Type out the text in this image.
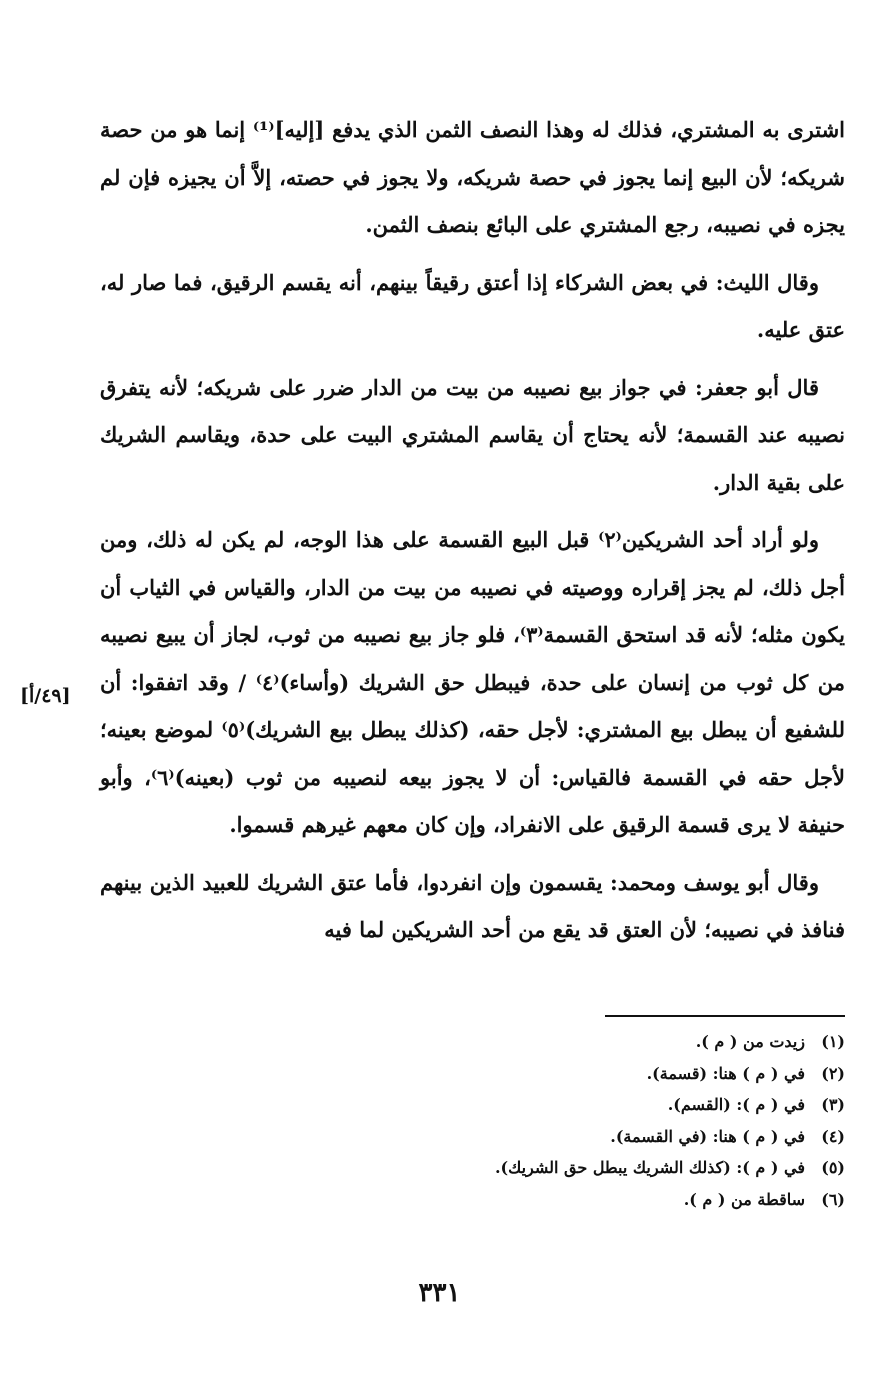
اشترى به المشتري، فذلك له وهذا النصف الثمن الذي يدفع [إليه]⁽¹⁾ إنما هو من حصة شريكه؛ لأن البيع إنما يجوز في حصة شريكه، ولا يجوز في حصته، إلاَّ أن يجيزه فإن لم يجزه في نصيبه، رجع المشتري على البائع بنصف الثمن.

وقال الليث: في بعض الشركاء إذا أعتق رقيقاً بينهم، أنه يقسم الرقيق، فما صار له، عتق عليه.

قال أبو جعفر: في جواز بيع نصيبه من بيت من الدار ضرر على شريكه؛ لأنه يتفرق نصيبه عند القسمة؛ لأنه يحتاج أن يقاسم المشتري البيت على حدة، ويقاسم الشريك على بقية الدار.

ولو أراد أحد الشريكين⁽٢⁾ قبل البيع القسمة على هذا الوجه، لم يكن له ذلك، ومن أجل ذلك، لم يجز إقراره ووصيته في نصيبه من بيت من الدار، والقياس في الثياب أن يكون مثله؛ لأنه قد استحق القسمة⁽٣⁾، فلو جاز بيع نصيبه من ثوب، لجاز أن يبيع نصيبه من كل ثوب من إنسان على حدة، فيبطل حق الشريك (وأساء)⁽٤⁾ / وقد اتفقوا: أن للشفيع أن يبطل بيع المشتري: لأجل حقه، (كذلك يبطل بيع الشريك)⁽٥⁾ لموضع بعينه؛ لأجل حقه في القسمة فالقياس: أن لا يجوز بيعه لنصيبه من ثوب (بعينه)⁽٦⁾، وأبو حنيفة لا يرى قسمة الرقيق على الانفراد، وإن كان معهم غيرهم قسموا.

وقال أبو يوسف ومحمد: يقسمون وإن انفردوا، فأما عتق الشريك للعبيد الذين بينهم فنافذ في نصيبه؛ لأن العتق قد يقع من أحد الشريكين لما فيه

[٤٩/أ]
(١)
زيدت من ( م ).
(٢)
في ( م ) هنا: (قسمة).
(٣)
في ( م ): (القسم).
(٤)
في ( م ) هنا: (في القسمة).
(٥)
في ( م ): (كذلك الشريك يبطل حق الشريك).
(٦)
ساقطة من ( م ).
٣٣١
